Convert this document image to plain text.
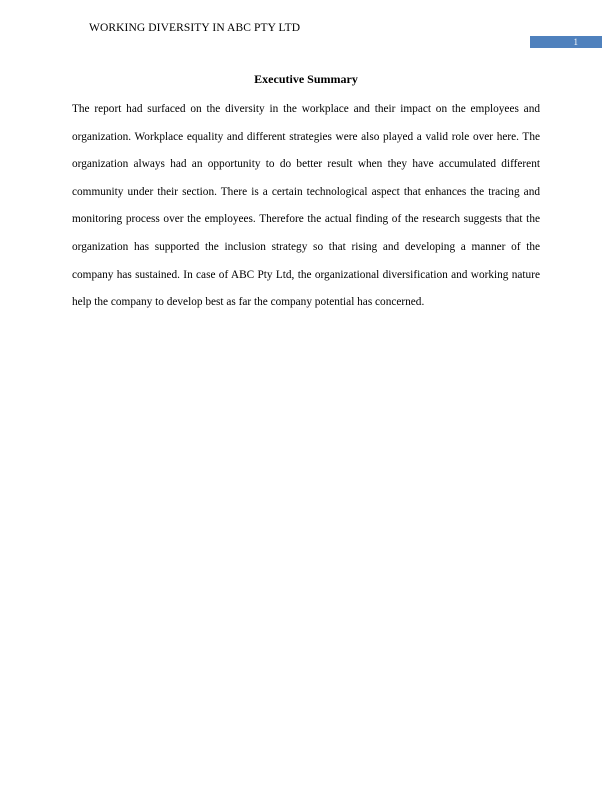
WORKING DIVERSITY IN ABC PTY LTD
1
Executive Summary

The report had surfaced on the diversity in the workplace and their impact on the employees and organization. Workplace equality and different strategies were also played a valid role over here. The organization always had an opportunity to do better result when they have accumulated different community under their section. There is a certain technological aspect that enhances the tracing and monitoring process over the employees. Therefore the actual finding of the research suggests that the organization has supported the inclusion strategy so that rising and developing a manner of the company has sustained. In case of ABC Pty Ltd, the organizational diversification and working nature help the company to develop best as far the company potential has concerned.
